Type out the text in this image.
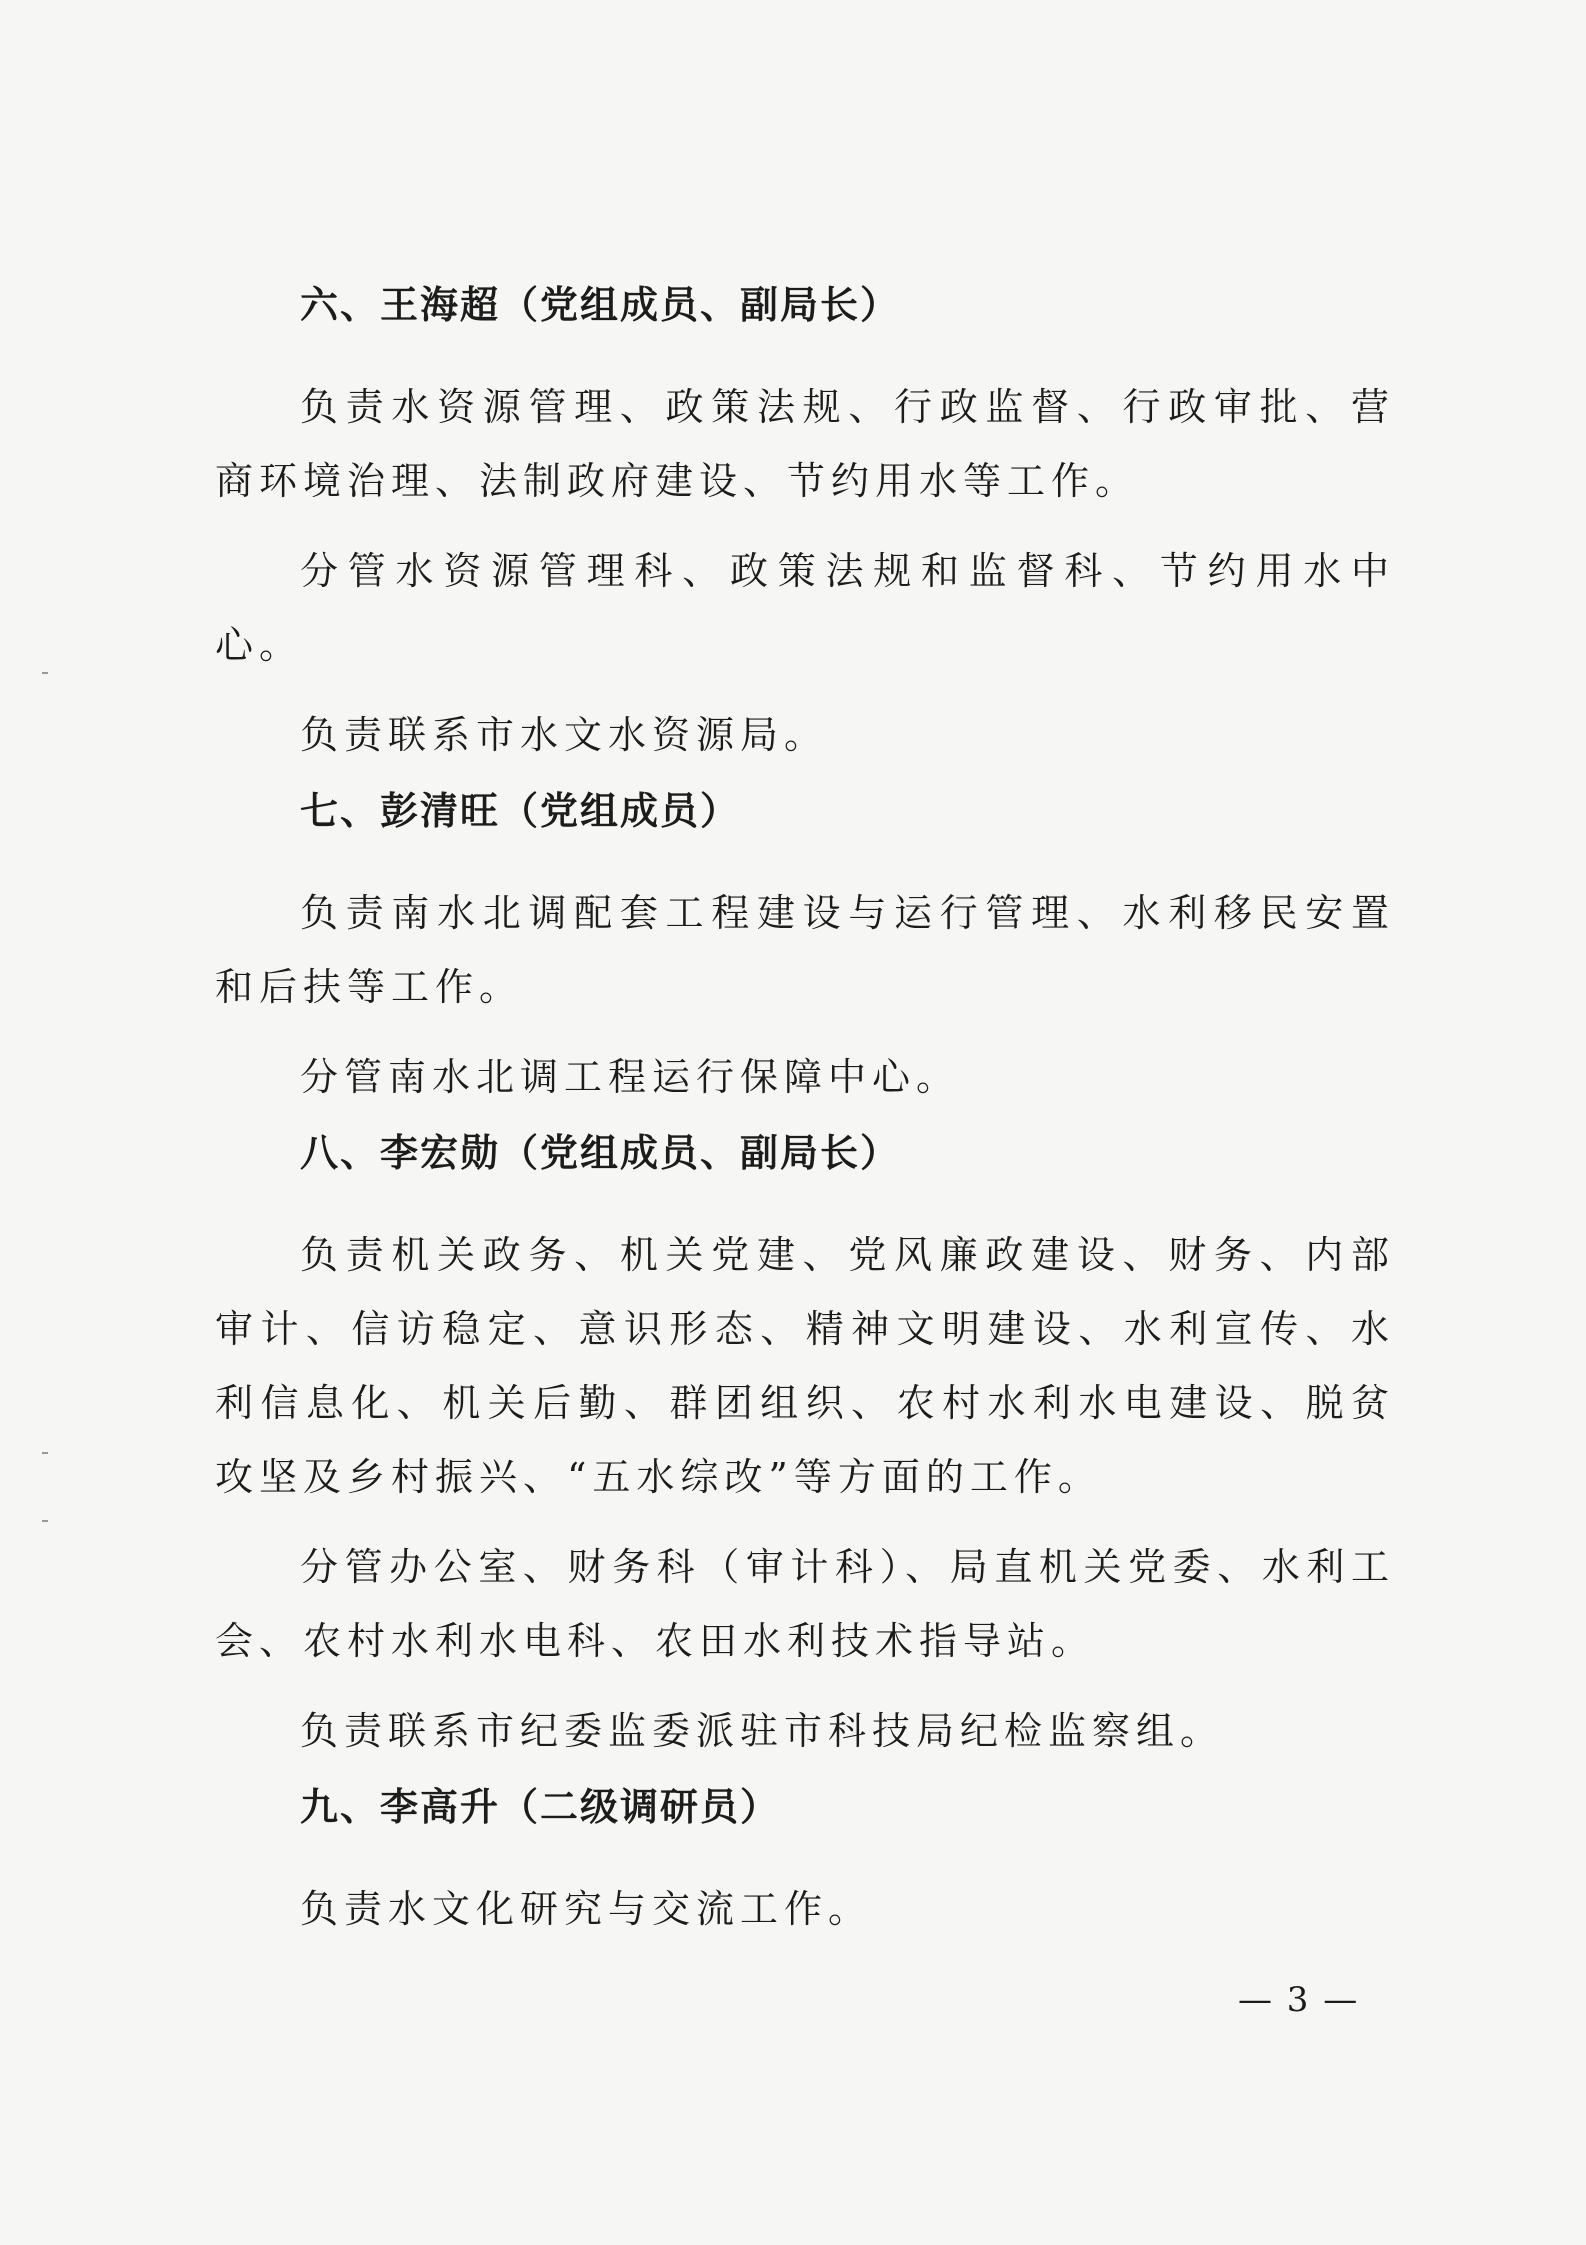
六、王海超（党组成员、副局长）

负责水资源管理、政策法规、行政监督、行政审批、营商环境治理、法制政府建设、节约用水等工作。

分管水资源管理科、政策法规和监督科、节约用水中心。

负责联系市水文水资源局。

七、彭清旺（党组成员）

负责南水北调配套工程建设与运行管理、水利移民安置和后扶等工作。

分管南水北调工程运行保障中心。

八、李宏勋（党组成员、副局长）

负责机关政务、机关党建、党风廉政建设、财务、内部审计、信访稳定、意识形态、精神文明建设、水利宣传、水利信息化、机关后勤、群团组织、农村水利水电建设、脱贫攻坚及乡村振兴、“五水综改”等方面的工作。

分管办公室、财务科（审计科）、局直机关党委、水利工会、农村水利水电科、农田水利技术指导站。

负责联系市纪委监委派驻市科技局纪检监察组。

九、李高升（二级调研员）

负责水文化研究与交流工作。

— 3 —
